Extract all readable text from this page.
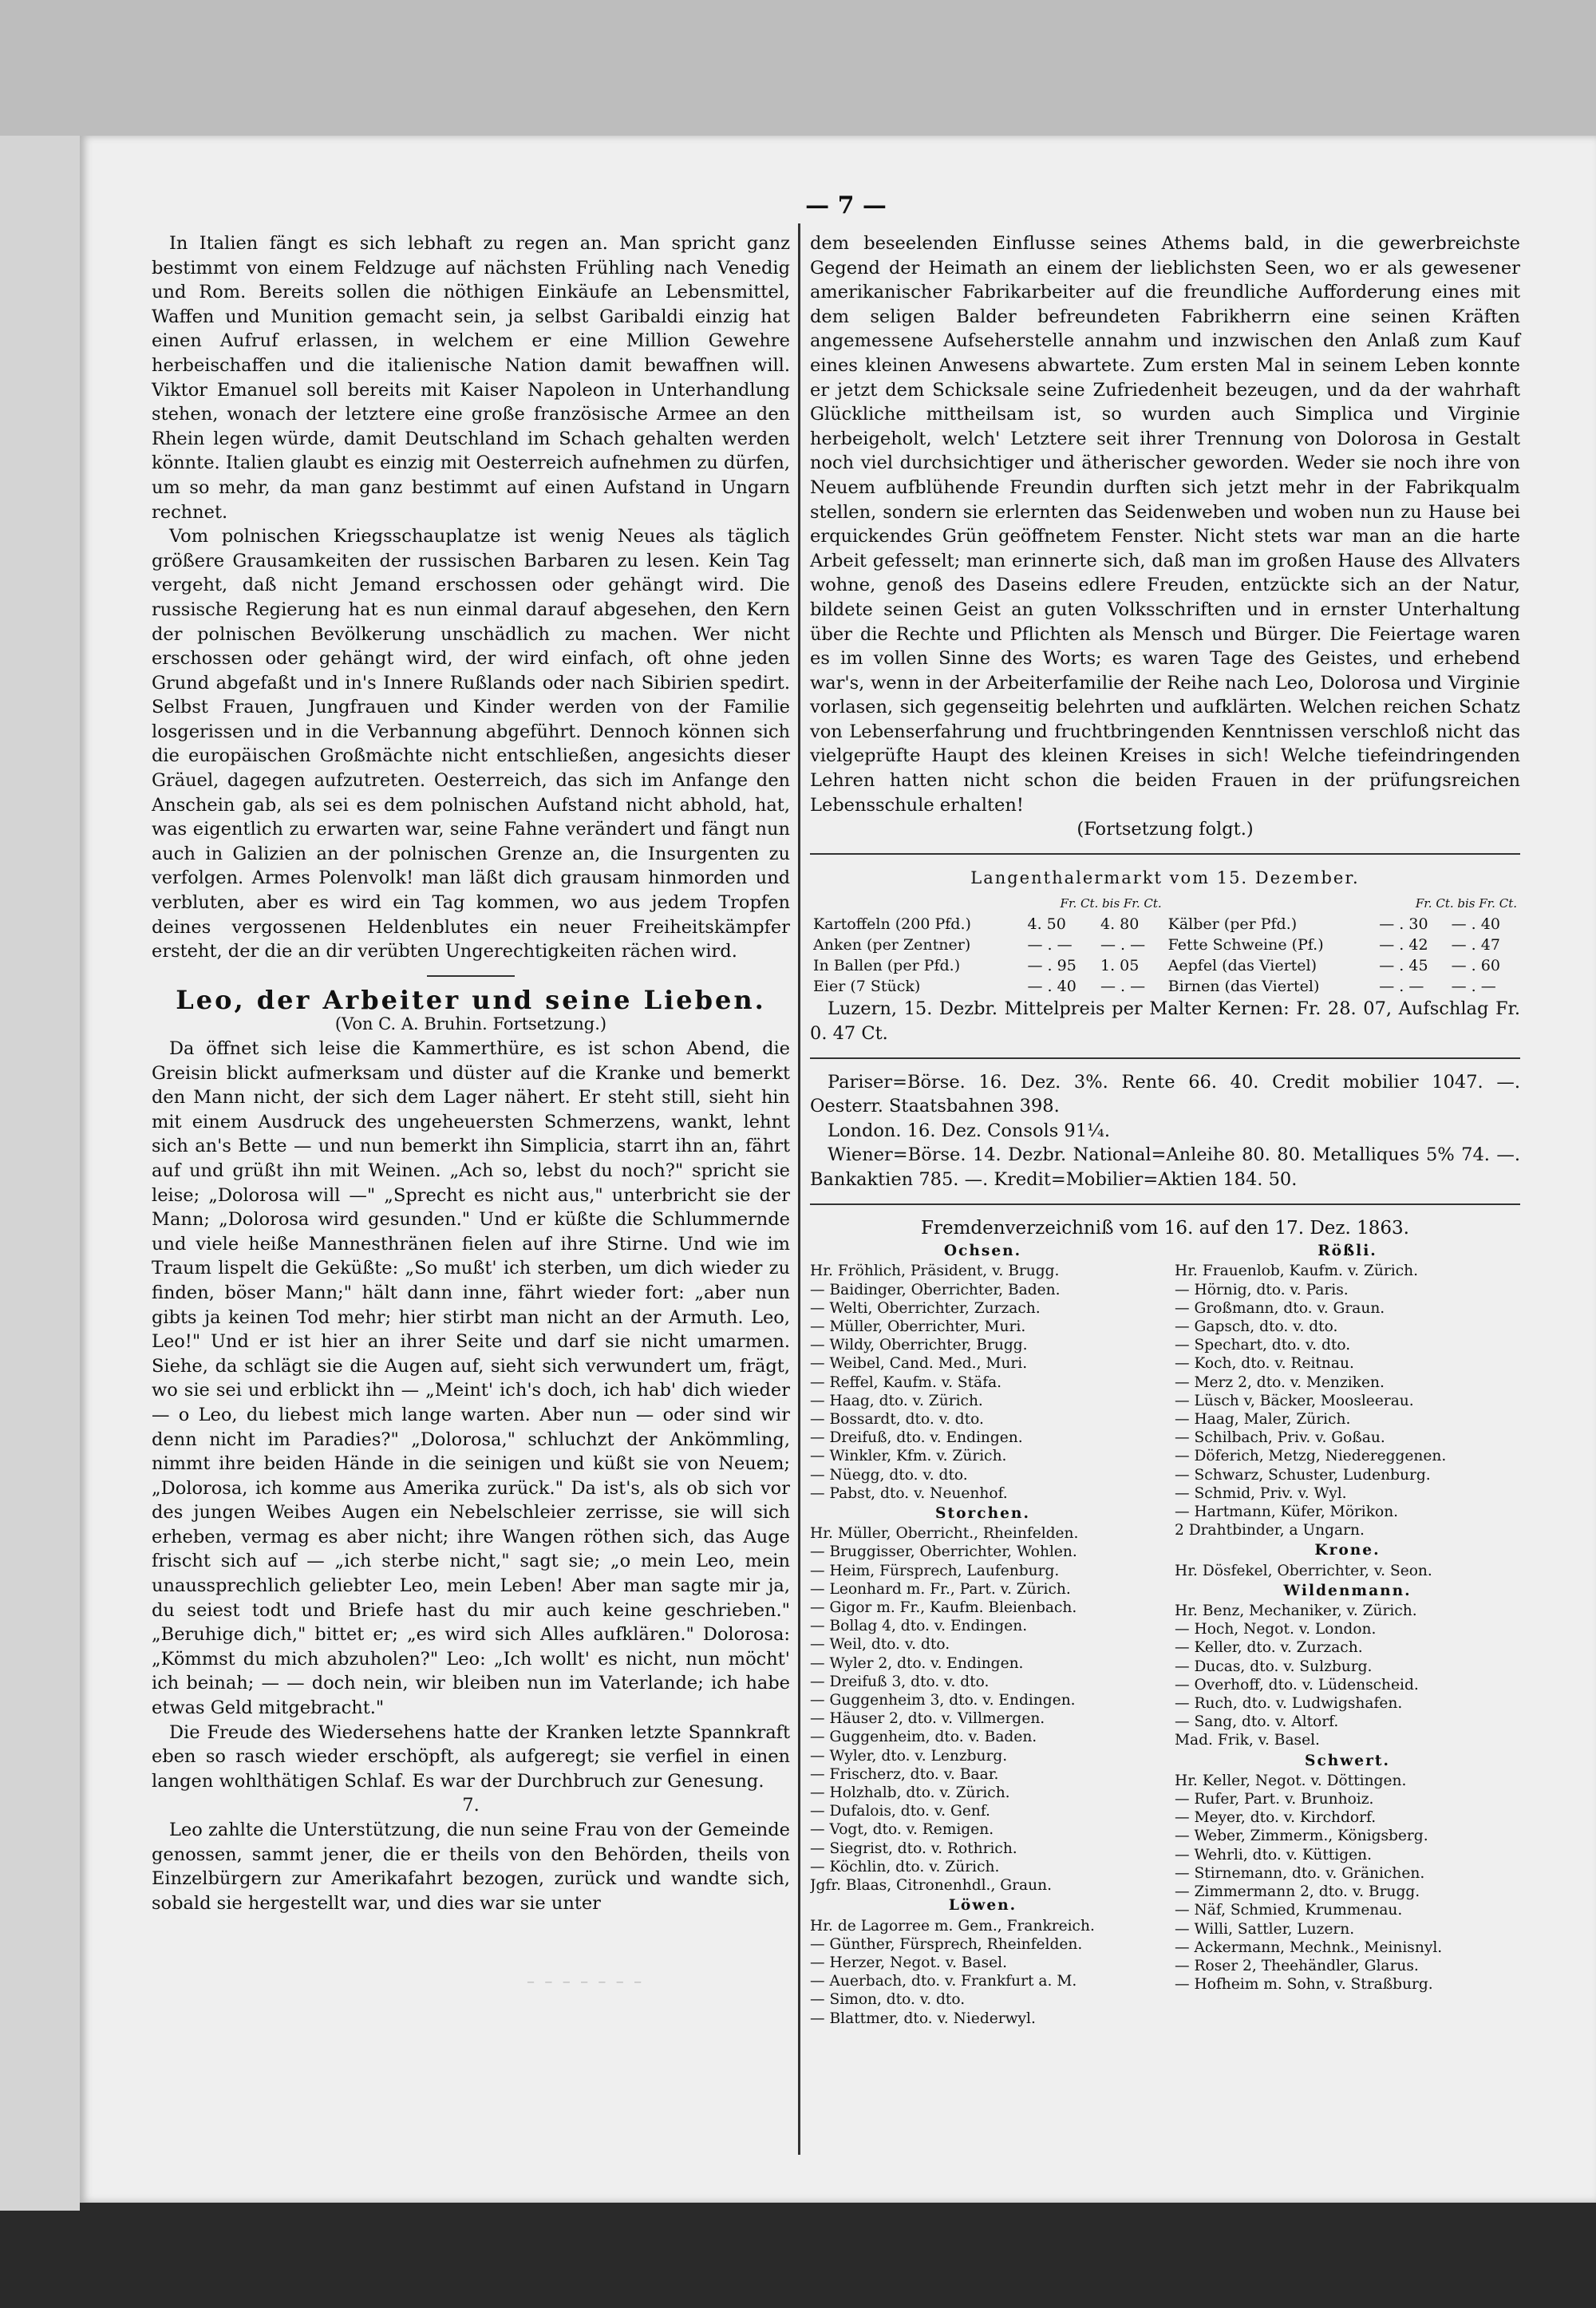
— 7 —

In Italien fängt es sich lebhaft zu regen an. Man spricht ganz bestimmt von einem Feldzuge auf nächsten Frühling nach Venedig und Rom. Bereits sollen die nöthigen Einkäufe an Lebensmittel, Waffen und Munition gemacht sein, ja selbst Garibaldi einzig hat einen Aufruf erlassen, in welchem er eine Million Gewehre herbeischaffen und die italienische Nation damit bewaffnen will. Viktor Emanuel soll bereits mit Kaiser Napoleon in Unterhandlung stehen, wonach der letztere eine große französische Armee an den Rhein legen würde, damit Deutschland im Schach gehalten werden könnte. Italien glaubt es einzig mit Oesterreich aufnehmen zu dürfen, um so mehr, da man ganz bestimmt auf einen Aufstand in Ungarn rechnet.

Vom polnischen Kriegsschauplatze ist wenig Neues als täglich größere Grausamkeiten der russischen Barbaren zu lesen. Kein Tag vergeht, daß nicht Jemand erschossen oder gehängt wird. Die russische Regierung hat es nun einmal darauf abgesehen, den Kern der polnischen Bevölkerung unschädlich zu machen. Wer nicht erschossen oder gehängt wird, der wird einfach, oft ohne jeden Grund abgefaßt und in's Innere Rußlands oder nach Sibirien spedirt. Selbst Frauen, Jungfrauen und Kinder werden von der Familie losgerissen und in die Verbannung abgeführt. Dennoch können sich die europäischen Großmächte nicht entschließen, angesichts dieser Gräuel, dagegen aufzutreten. Oesterreich, das sich im Anfange den Anschein gab, als sei es dem polnischen Aufstand nicht abhold, hat, was eigentlich zu erwarten war, seine Fahne verändert und fängt nun auch in Galizien an der polnischen Grenze an, die Insurgenten zu verfolgen. Armes Polenvolk! man läßt dich grausam hinmorden und verbluten, aber es wird ein Tag kommen, wo aus jedem Tropfen deines vergossenen Heldenblutes ein neuer Freiheitskämpfer ersteht, der die an dir verübten Ungerechtigkeiten rächen wird.

Leo, der Arbeiter und seine Lieben.

(Von C. A. Bruhin. Fortsetzung.)

Da öffnet sich leise die Kammerthüre, es ist schon Abend, die Greisin blickt aufmerksam und düster auf die Kranke und bemerkt den Mann nicht, der sich dem Lager nähert. Er steht still, sieht hin mit einem Ausdruck des ungeheuersten Schmerzens, wankt, lehnt sich an's Bette — und nun bemerkt ihn Simplicia, starrt ihn an, fährt auf und grüßt ihn mit Weinen. „Ach so, lebst du noch?" spricht sie leise; „Dolorosa will —" „Sprecht es nicht aus," unterbricht sie der Mann; „Dolorosa wird gesunden." Und er küßte die Schlummernde und viele heiße Mannesthränen fielen auf ihre Stirne. Und wie im Traum lispelt die Geküßte: „So mußt' ich sterben, um dich wieder zu finden, böser Mann;" hält dann inne, fährt wieder fort: „aber nun gibts ja keinen Tod mehr; hier stirbt man nicht an der Armuth. Leo, Leo!" Und er ist hier an ihrer Seite und darf sie nicht umarmen. Siehe, da schlägt sie die Augen auf, sieht sich verwundert um, frägt, wo sie sei und erblickt ihn — „Meint' ich's doch, ich hab' dich wieder — o Leo, du liebest mich lange warten. Aber nun — oder sind wir denn nicht im Paradies?" „Dolorosa," schluchzt der Ankömmling, nimmt ihre beiden Hände in die seinigen und küßt sie von Neuem; „Dolorosa, ich komme aus Amerika zurück." Da ist's, als ob sich vor des jungen Weibes Augen ein Nebelschleier zerrisse, sie will sich erheben, vermag es aber nicht; ihre Wangen röthen sich, das Auge frischt sich auf — „ich sterbe nicht," sagt sie; „o mein Leo, mein unaussprechlich geliebter Leo, mein Leben! Aber man sagte mir ja, du seiest todt und Briefe hast du mir auch keine geschrieben." „Beruhige dich," bittet er; „es wird sich Alles aufklären." Dolorosa: „Kömmst du mich abzuholen?" Leo: „Ich wollt' es nicht, nun möcht' ich beinah; — — doch nein, wir bleiben nun im Vaterlande; ich habe etwas Geld mitgebracht."

Die Freude des Wiedersehens hatte der Kranken letzte Spannkraft eben so rasch wieder erschöpft, als aufgeregt; sie verfiel in einen langen wohlthätigen Schlaf. Es war der Durchbruch zur Genesung.

7.

Leo zahlte die Unterstützung, die nun seine Frau von der Gemeinde genossen, sammt jener, die er theils von den Behörden, theils von Einzelbürgern zur Amerikafahrt bezogen, zurück und wandte sich, sobald sie hergestellt war, und dies war sie unter

dem beseelenden Einflusse seines Athems bald, in die gewerbreichste Gegend der Heimath an einem der lieblichsten Seen, wo er als gewesener amerikanischer Fabrikarbeiter auf die freundliche Aufforderung eines mit dem seligen Balder befreundeten Fabrikherrn eine seinen Kräften angemessene Aufseherstelle annahm und inzwischen den Anlaß zum Kauf eines kleinen Anwesens abwartete. Zum ersten Mal in seinem Leben konnte er jetzt dem Schicksale seine Zufriedenheit bezeugen, und da der wahrhaft Glückliche mittheilsam ist, so wurden auch Simplica und Virginie herbeigeholt, welch' Letztere seit ihrer Trennung von Dolorosa in Gestalt noch viel durchsichtiger und ätherischer geworden. Weder sie noch ihre von Neuem aufblühende Freundin durften sich jetzt mehr in der Fabrikqualm stellen, sondern sie erlernten das Seidenweben und woben nun zu Hause bei erquickendes Grün geöffnetem Fenster. Nicht stets war man an die harte Arbeit gefesselt; man erinnerte sich, daß man im großen Hause des Allvaters wohne, genoß des Daseins edlere Freuden, entzückte sich an der Natur, bildete seinen Geist an guten Volksschriften und in ernster Unterhaltung über die Rechte und Pflichten als Mensch und Bürger. Die Feiertage waren es im vollen Sinne des Worts; es waren Tage des Geistes, und erhebend war's, wenn in der Arbeiterfamilie der Reihe nach Leo, Dolorosa und Virginie vorlasen, sich gegenseitig belehrten und aufklärten. Welchen reichen Schatz von Lebenserfahrung und fruchtbringenden Kenntnissen verschloß nicht das vielgeprüfte Haupt des kleinen Kreises in sich! Welche tiefeindringenden Lehren hatten nicht schon die beiden Frauen in der prüfungsreichen Lebensschule erhalten!

(Fortsetzung folgt.)

Langenthalermarkt vom 15. Dezember.
	Fr. Ct. bis Fr. Ct.			Fr. Ct. bis Fr. Ct.	
Kartoffeln (200 Pfd.)	4. 50	4. 80	Kälber (per Pfd.)	— . 30	— . 40
Anken (per Zentner)	— . —	— . —	Fette Schweine (Pf.)	— . 42	— . 47
In Ballen (per Pfd.)	— . 95	1. 05	Aepfel (das Viertel)	— . 45	— . 60
Eier (7 Stück)	— . 40	— . —	Birnen (das Viertel)	— . —	— . —

Luzern, 15. Dezbr. Mittelpreis per Malter Kernen: Fr. 28. 07, Aufschlag Fr. 0. 47 Ct.

Pariser=Börse. 16. Dez. 3%. Rente 66. 40. Credit mobilier 1047. —. Oesterr. Staatsbahnen 398.

London. 16. Dez. Consols 91¼.

Wiener=Börse. 14. Dezbr. National=Anleihe 80. 80. Metalliques 5% 74. —. Bankaktien 785. —. Kredit=Mobilier=Aktien 184. 50.

Fremdenverzeichniß vom 16. auf den 17. Dez. 1863.

Ochsen.
Hr. Fröhlich, Präsident, v. Brugg.
— Baidinger, Oberrichter, Baden.
— Welti, Oberrichter, Zurzach.
— Müller, Oberrichter, Muri.
— Wildy, Oberrichter, Brugg.
— Weibel, Cand. Med., Muri.
— Reffel, Kaufm. v. Stäfa.
— Haag, dto. v. Zürich.
— Bossardt, dto. v. dto.
— Dreifuß, dto. v. Endingen.
— Winkler, Kfm. v. Zürich.
— Nüegg, dto. v. dto.
— Pabst, dto. v. Neuenhof.
Storchen.
Hr. Müller, Oberricht., Rheinfelden.
— Bruggisser, Oberrichter, Wohlen.
— Heim, Fürsprech, Laufenburg.
— Leonhard m. Fr., Part. v. Zürich.
— Gigor m. Fr., Kaufm. Bleienbach.
— Bollag 4, dto. v. Endingen.
— Weil, dto. v. dto.
— Wyler 2, dto. v. Endingen.
— Dreifuß 3, dto. v. dto.
— Guggenheim 3, dto. v. Endingen.
— Häuser 2, dto. v. Villmergen.
— Guggenheim, dto. v. Baden.
— Wyler, dto. v. Lenzburg.
— Frischerz, dto. v. Baar.
— Holzhalb, dto. v. Zürich.
— Dufalois, dto. v. Genf.
— Vogt, dto. v. Remigen.
— Siegrist, dto. v. Rothrich.
— Köchlin, dto. v. Zürich.
Jgfr. Blaas, Citronenhdl., Graun.
Löwen.
Hr. de Lagorree m. Gem., Frankreich.
— Günther, Fürsprech, Rheinfelden.
— Herzer, Negot. v. Basel.
— Auerbach, dto. v. Frankfurt a. M.
— Simon, dto. v. dto.
— Blattmer, dto. v. Niederwyl.
Rößli.
Hr. Frauenlob, Kaufm. v. Zürich.
— Hörnig, dto. v. Paris.
— Großmann, dto. v. Graun.
— Gapsch, dto. v. dto.
— Spechart, dto. v. dto.
— Koch, dto. v. Reitnau.
— Merz 2, dto. v. Menziken.
— Lüsch v, Bäcker, Moosleerau.
— Haag, Maler, Zürich.
— Schilbach, Priv. v. Goßau.
— Döferich, Metzg, Niedereggenen.
— Schwarz, Schuster, Ludenburg.
— Schmid, Priv. v. Wyl.
— Hartmann, Küfer, Mörikon.
2 Drahtbinder, a Ungarn.
Krone.
Hr. Dösfekel, Oberrichter, v. Seon.
Wildenmann.
Hr. Benz, Mechaniker, v. Zürich.
— Hoch, Negot. v. London.
— Keller, dto. v. Zurzach.
— Ducas, dto. v. Sulzburg.
— Overhoff, dto. v. Lüdenscheid.
— Ruch, dto. v. Ludwigshafen.
— Sang, dto. v. Altorf.
Mad. Frik, v. Basel.
Schwert.
Hr. Keller, Negot. v. Döttingen.
— Rufer, Part. v. Brunhoiz.
— Meyer, dto. v. Kirchdorf.
— Weber, Zimmerm., Königsberg.
— Wehrli, dto. v. Küttigen.
— Stirnemann, dto. v. Gränichen.
— Zimmermann 2, dto. v. Brugg.
— Näf, Schmied, Krummenau.
— Willi, Sattler, Luzern.
— Ackermann, Mechnk., Meinisnyl.
— Roser 2, Theehändler, Glarus.
— Hofheim m. Sohn, v. Straßburg.
– – – – – – –
